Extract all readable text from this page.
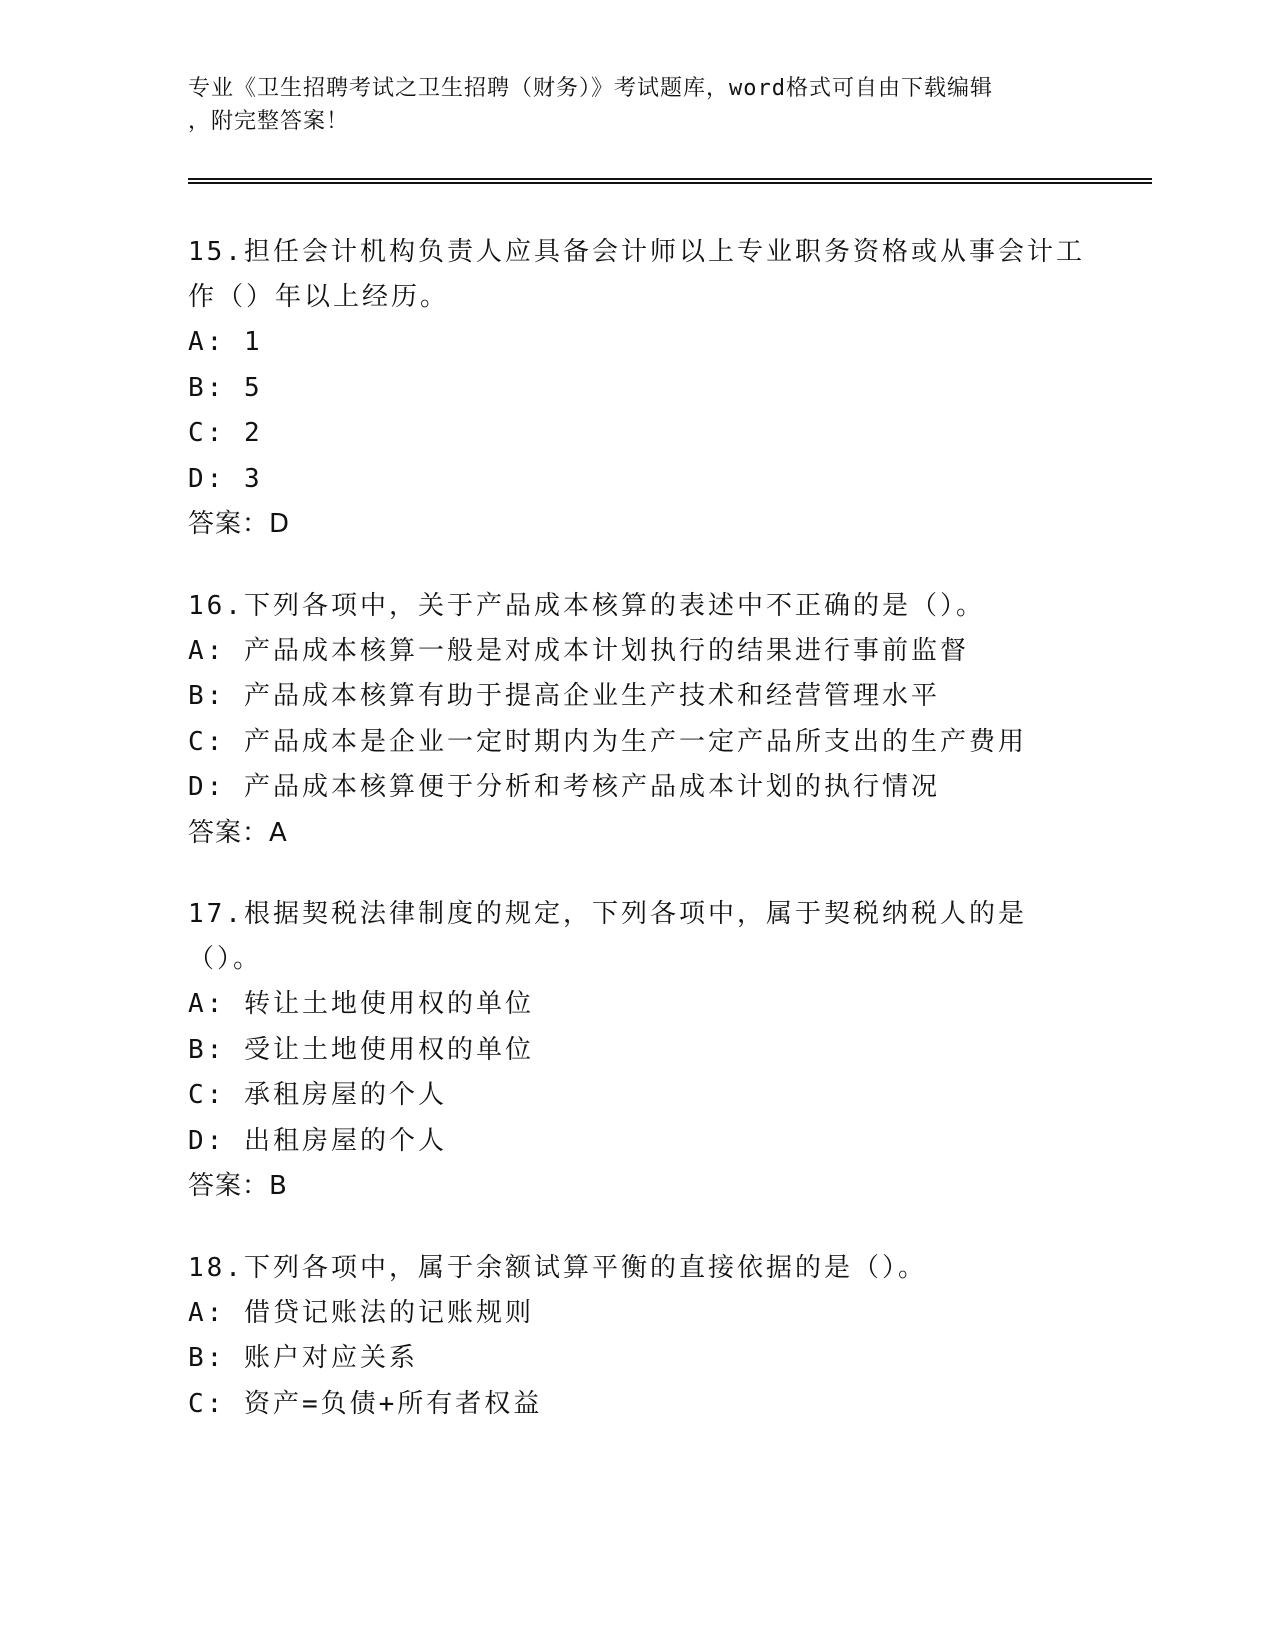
专业《卫生招聘考试之卫生招聘（财务）》考试题库，word格式可自由下载编辑
，附完整答案！
15.担任会计机构负责人应具备会计师以上专业职务资格或从事会计工作（）年以上经历。
A: 1
B: 5
C: 2
D: 3
答案：D
16.下列各项中，关于产品成本核算的表述中不正确的是（）。
A: 产品成本核算一般是对成本计划执行的结果进行事前监督
B: 产品成本核算有助于提高企业生产技术和经营管理水平
C: 产品成本是企业一定时期内为生产一定产品所支出的生产费用
D: 产品成本核算便于分析和考核产品成本计划的执行情况
答案：A
17.根据契税法律制度的规定，下列各项中，属于契税纳税人的是（）。
A: 转让土地使用权的单位
B: 受让土地使用权的单位
C: 承租房屋的个人
D: 出租房屋的个人
答案：B
18.下列各项中，属于余额试算平衡的直接依据的是（）。
A: 借贷记账法的记账规则
B: 账户对应关系
C: 资产=负债+所有者权益
